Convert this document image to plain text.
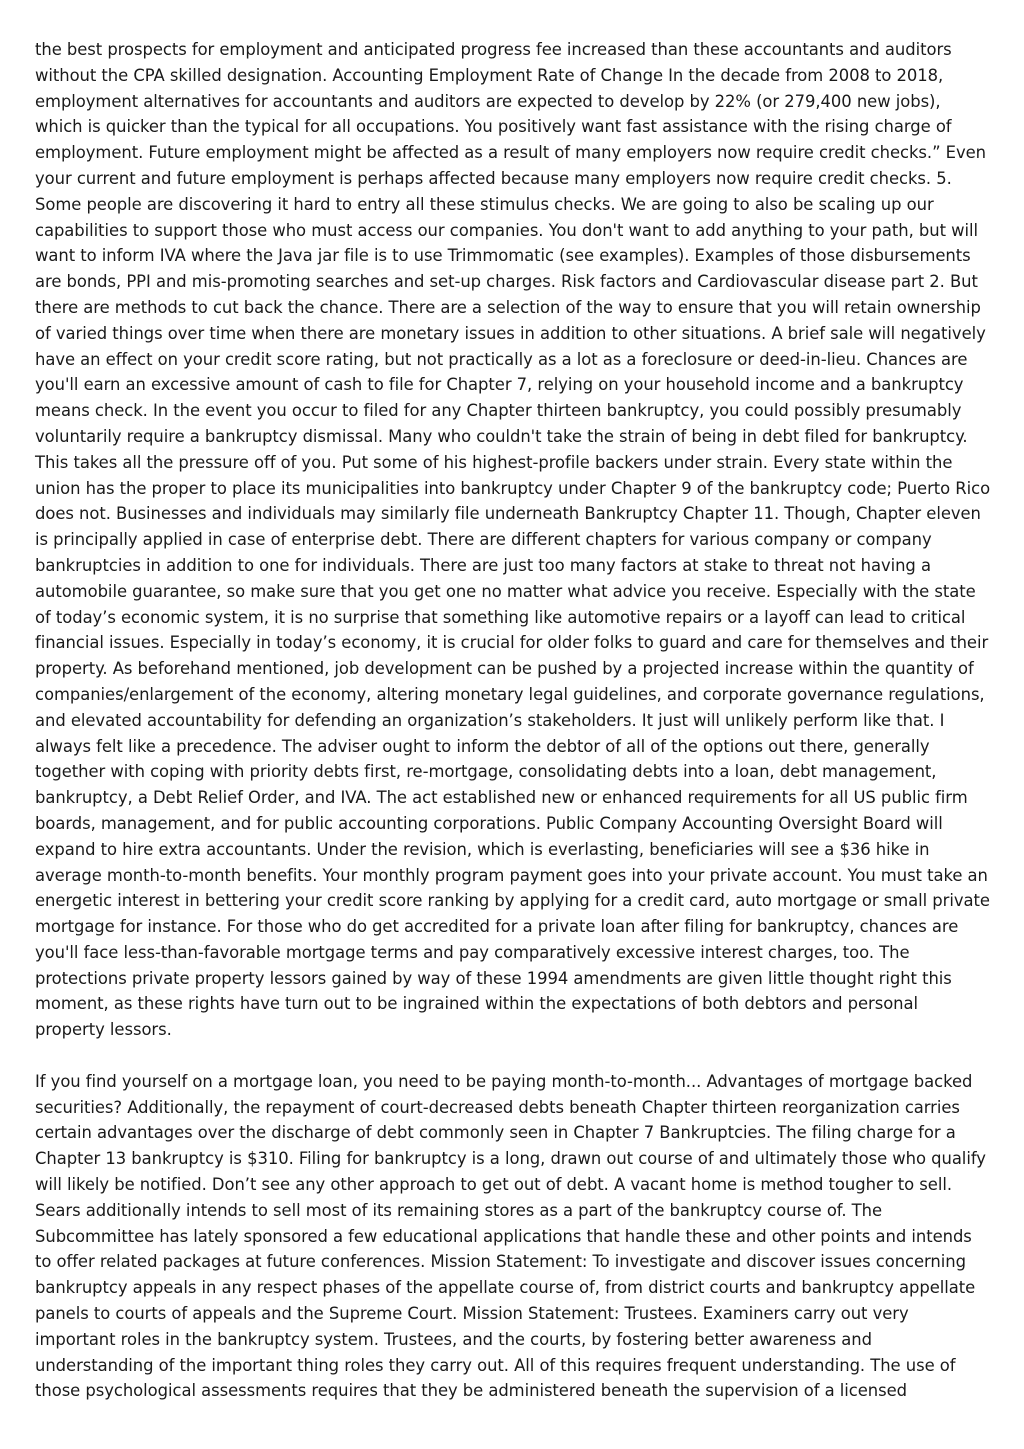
the best prospects for employment and anticipated progress fee increased than these accountants and auditors without the CPA skilled designation. Accounting Employment Rate of Change In the decade from 2008 to 2018, employment alternatives for accountants and auditors are expected to develop by 22% (or 279,400 new jobs), which is quicker than the typical for all occupations. You positively want fast assistance with the rising charge of employment. Future employment might be affected as a result of many employers now require credit checks.” Even your current and future employment is perhaps affected because many employers now require credit checks. 5. Some people are discovering it hard to entry all these stimulus checks. We are going to also be scaling up our capabilities to support those who must access our companies. You don't want to add anything to your path, but will want to inform IVA where the Java jar file is to use Trimmomatic (see examples). Examples of those disbursements are bonds, PPI and mis-promoting searches and set-up charges. Risk factors and Cardiovascular disease part 2. But there are methods to cut back the chance. There are a selection of the way to ensure that you will retain ownership of varied things over time when there are monetary issues in addition to other situations. A brief sale will negatively have an effect on your credit score rating, but not practically as a lot as a foreclosure or deed-in-lieu. Chances are you'll earn an excessive amount of cash to file for Chapter 7, relying on your household income and a bankruptcy means check. In the event you occur to filed for any Chapter thirteen bankruptcy, you could possibly presumably voluntarily require a bankruptcy dismissal. Many who couldn't take the strain of being in debt filed for bankruptcy. This takes all the pressure off of you. Put some of his highest-profile backers under strain. Every state within the union has the proper to place its municipalities into bankruptcy under Chapter 9 of the bankruptcy code; Puerto Rico does not. Businesses and individuals may similarly file underneath Bankruptcy Chapter 11. Though, Chapter eleven is principally applied in case of enterprise debt. There are different chapters for various company or company bankruptcies in addition to one for individuals. There are just too many factors at stake to threat not having a automobile guarantee, so make sure that you get one no matter what advice you receive. Especially with the state of today’s economic system, it is no surprise that something like automotive repairs or a layoff can lead to critical financial issues. Especially in today’s economy, it is crucial for older folks to guard and care for themselves and their property. As beforehand mentioned, job development can be pushed by a projected increase within the quantity of companies/enlargement of the economy, altering monetary legal guidelines, and corporate governance regulations, and elevated accountability for defending an organization’s stakeholders. It just will unlikely perform like that. I always felt like a precedence. The adviser ought to inform the debtor of all of the options out there, generally together with coping with priority debts first, re-mortgage, consolidating debts into a loan, debt management, bankruptcy, a Debt Relief Order, and IVA. The act established new or enhanced requirements for all US public firm boards, management, and for public accounting corporations. Public Company Accounting Oversight Board will expand to hire extra accountants. Under the revision, which is everlasting, beneficiaries will see a $36 hike in average month-to-month benefits. Your monthly program payment goes into your private account. You must take an energetic interest in bettering your credit score ranking by applying for a credit card, auto mortgage or small private mortgage for instance. For those who do get accredited for a private loan after filing for bankruptcy, chances are you'll face less-than-favorable mortgage terms and pay comparatively excessive interest charges, too. The protections private property lessors gained by way of these 1994 amendments are given little thought right this moment, as these rights have turn out to be ingrained within the expectations of both debtors and personal property lessors.

If you find yourself on a mortgage loan, you need to be paying month-to-month... Advantages of mortgage backed securities? Additionally, the repayment of court-decreased debts beneath Chapter thirteen reorganization carries certain advantages over the discharge of debt commonly seen in Chapter 7 Bankruptcies. The filing charge for a Chapter 13 bankruptcy is $310. Filing for bankruptcy is a long, drawn out course of and ultimately those who qualify will likely be notified. Don’t see any other approach to get out of debt. A vacant home is method tougher to sell. Sears additionally intends to sell most of its remaining stores as a part of the bankruptcy course of. The Subcommittee has lately sponsored a few educational applications that handle these and other points and intends to offer related packages at future conferences. Mission Statement: To investigate and discover issues concerning bankruptcy appeals in any respect phases of the appellate course of, from district courts and bankruptcy appellate panels to courts of appeals and the Supreme Court. Mission Statement: Trustees. Examiners carry out very important roles in the bankruptcy system. Trustees, and the courts, by fostering better awareness and understanding of the important thing roles they carry out. All of this requires frequent understanding. The use of those psychological assessments requires that they be administered beneath the supervision of a licensed
